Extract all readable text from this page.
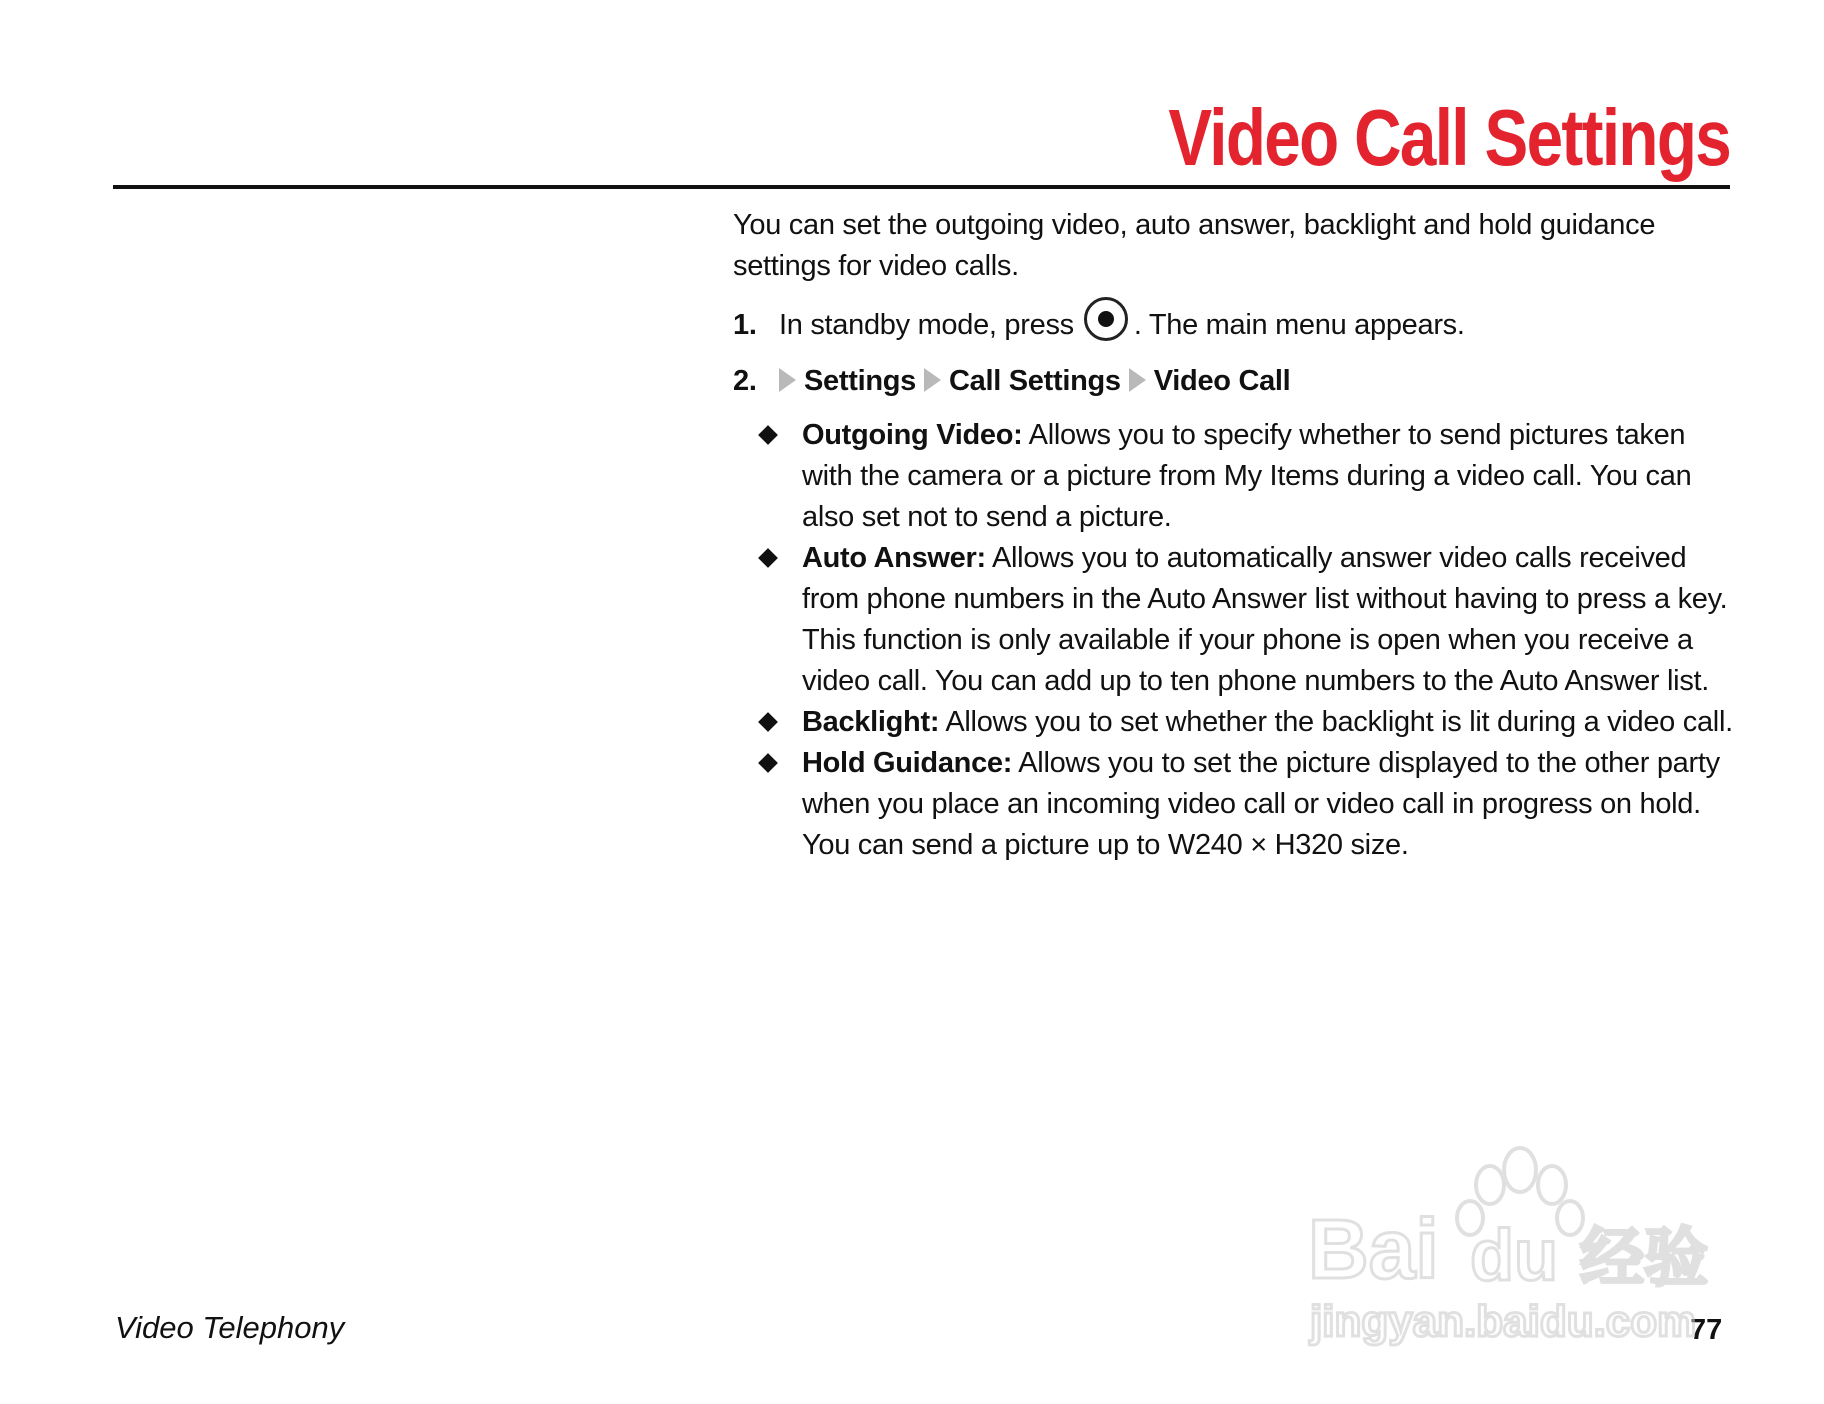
Video Call Settings

You can set the outgoing video, auto answer, backlight and hold guidance settings for video calls.

1. In standby mode, press . The main menu appears.
2.	Settings Call Settings Video Call
Outgoing Video: Allows you to specify whether to send pictures taken with the camera or a picture from My Items during a video call. You can also set not to send a picture.
Auto Answer: Allows you to automatically answer video calls received from phone numbers in the Auto Answer list without having to press a key. This function is only available if your phone is open when you receive a video call. You can add up to ten phone numbers to the Auto Answer list.
Backlight: Allows you to set whether the backlight is lit during a video call.
Hold Guidance: Allows you to set the picture displayed to the other party when you place an incoming video call or video call in progress on hold. You can send a picture up to W240 × H320 size.
Video Telephony	77
Bai du 经验
jingyan.baidu.com
